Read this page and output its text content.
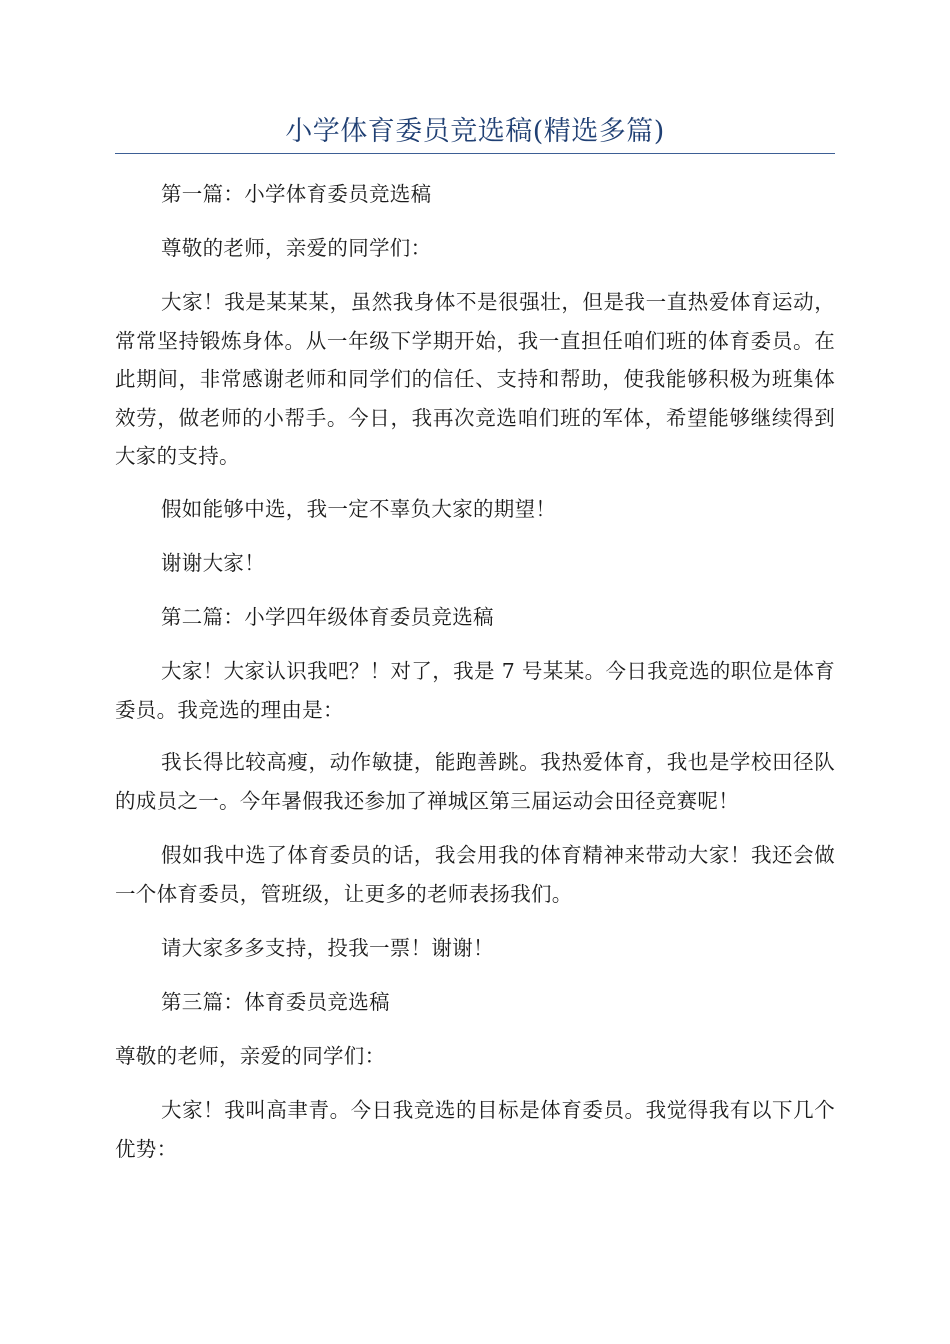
小学体育委员竞选稿(精选多篇)

第一篇：小学体育委员竞选稿

尊敬的老师，亲爱的同学们：

大家！我是某某某，虽然我身体不是很强壮，但是我一直热爱体育运动，常常坚持锻炼身体。从一年级下学期开始，我一直担任咱们班的体育委员。在此期间，非常感谢老师和同学们的信任、支持和帮助，使我能够积极为班集体效劳，做老师的小帮手。今日，我再次竞选咱们班的军体，希望能够继续得到大家的支持。

假如能够中选，我一定不辜负大家的期望！

谢谢大家！

第二篇：小学四年级体育委员竞选稿

大家！大家认识我吧？！对了，我是 7 号某某。今日我竞选的职位是体育委员。我竞选的理由是：

我长得比较高瘦，动作敏捷，能跑善跳。我热爱体育，我也是学校田径队的成员之一。今年暑假我还参加了禅城区第三届运动会田径竞赛呢！

假如我中选了体育委员的话，我会用我的体育精神来带动大家！我还会做一个体育委员，管班级，让更多的老师表扬我们。

请大家多多支持，投我一票！谢谢！

第三篇：体育委员竞选稿

尊敬的老师，亲爱的同学们：

大家！我叫高聿青。今日我竞选的目标是体育委员。我觉得我有以下几个优势：
